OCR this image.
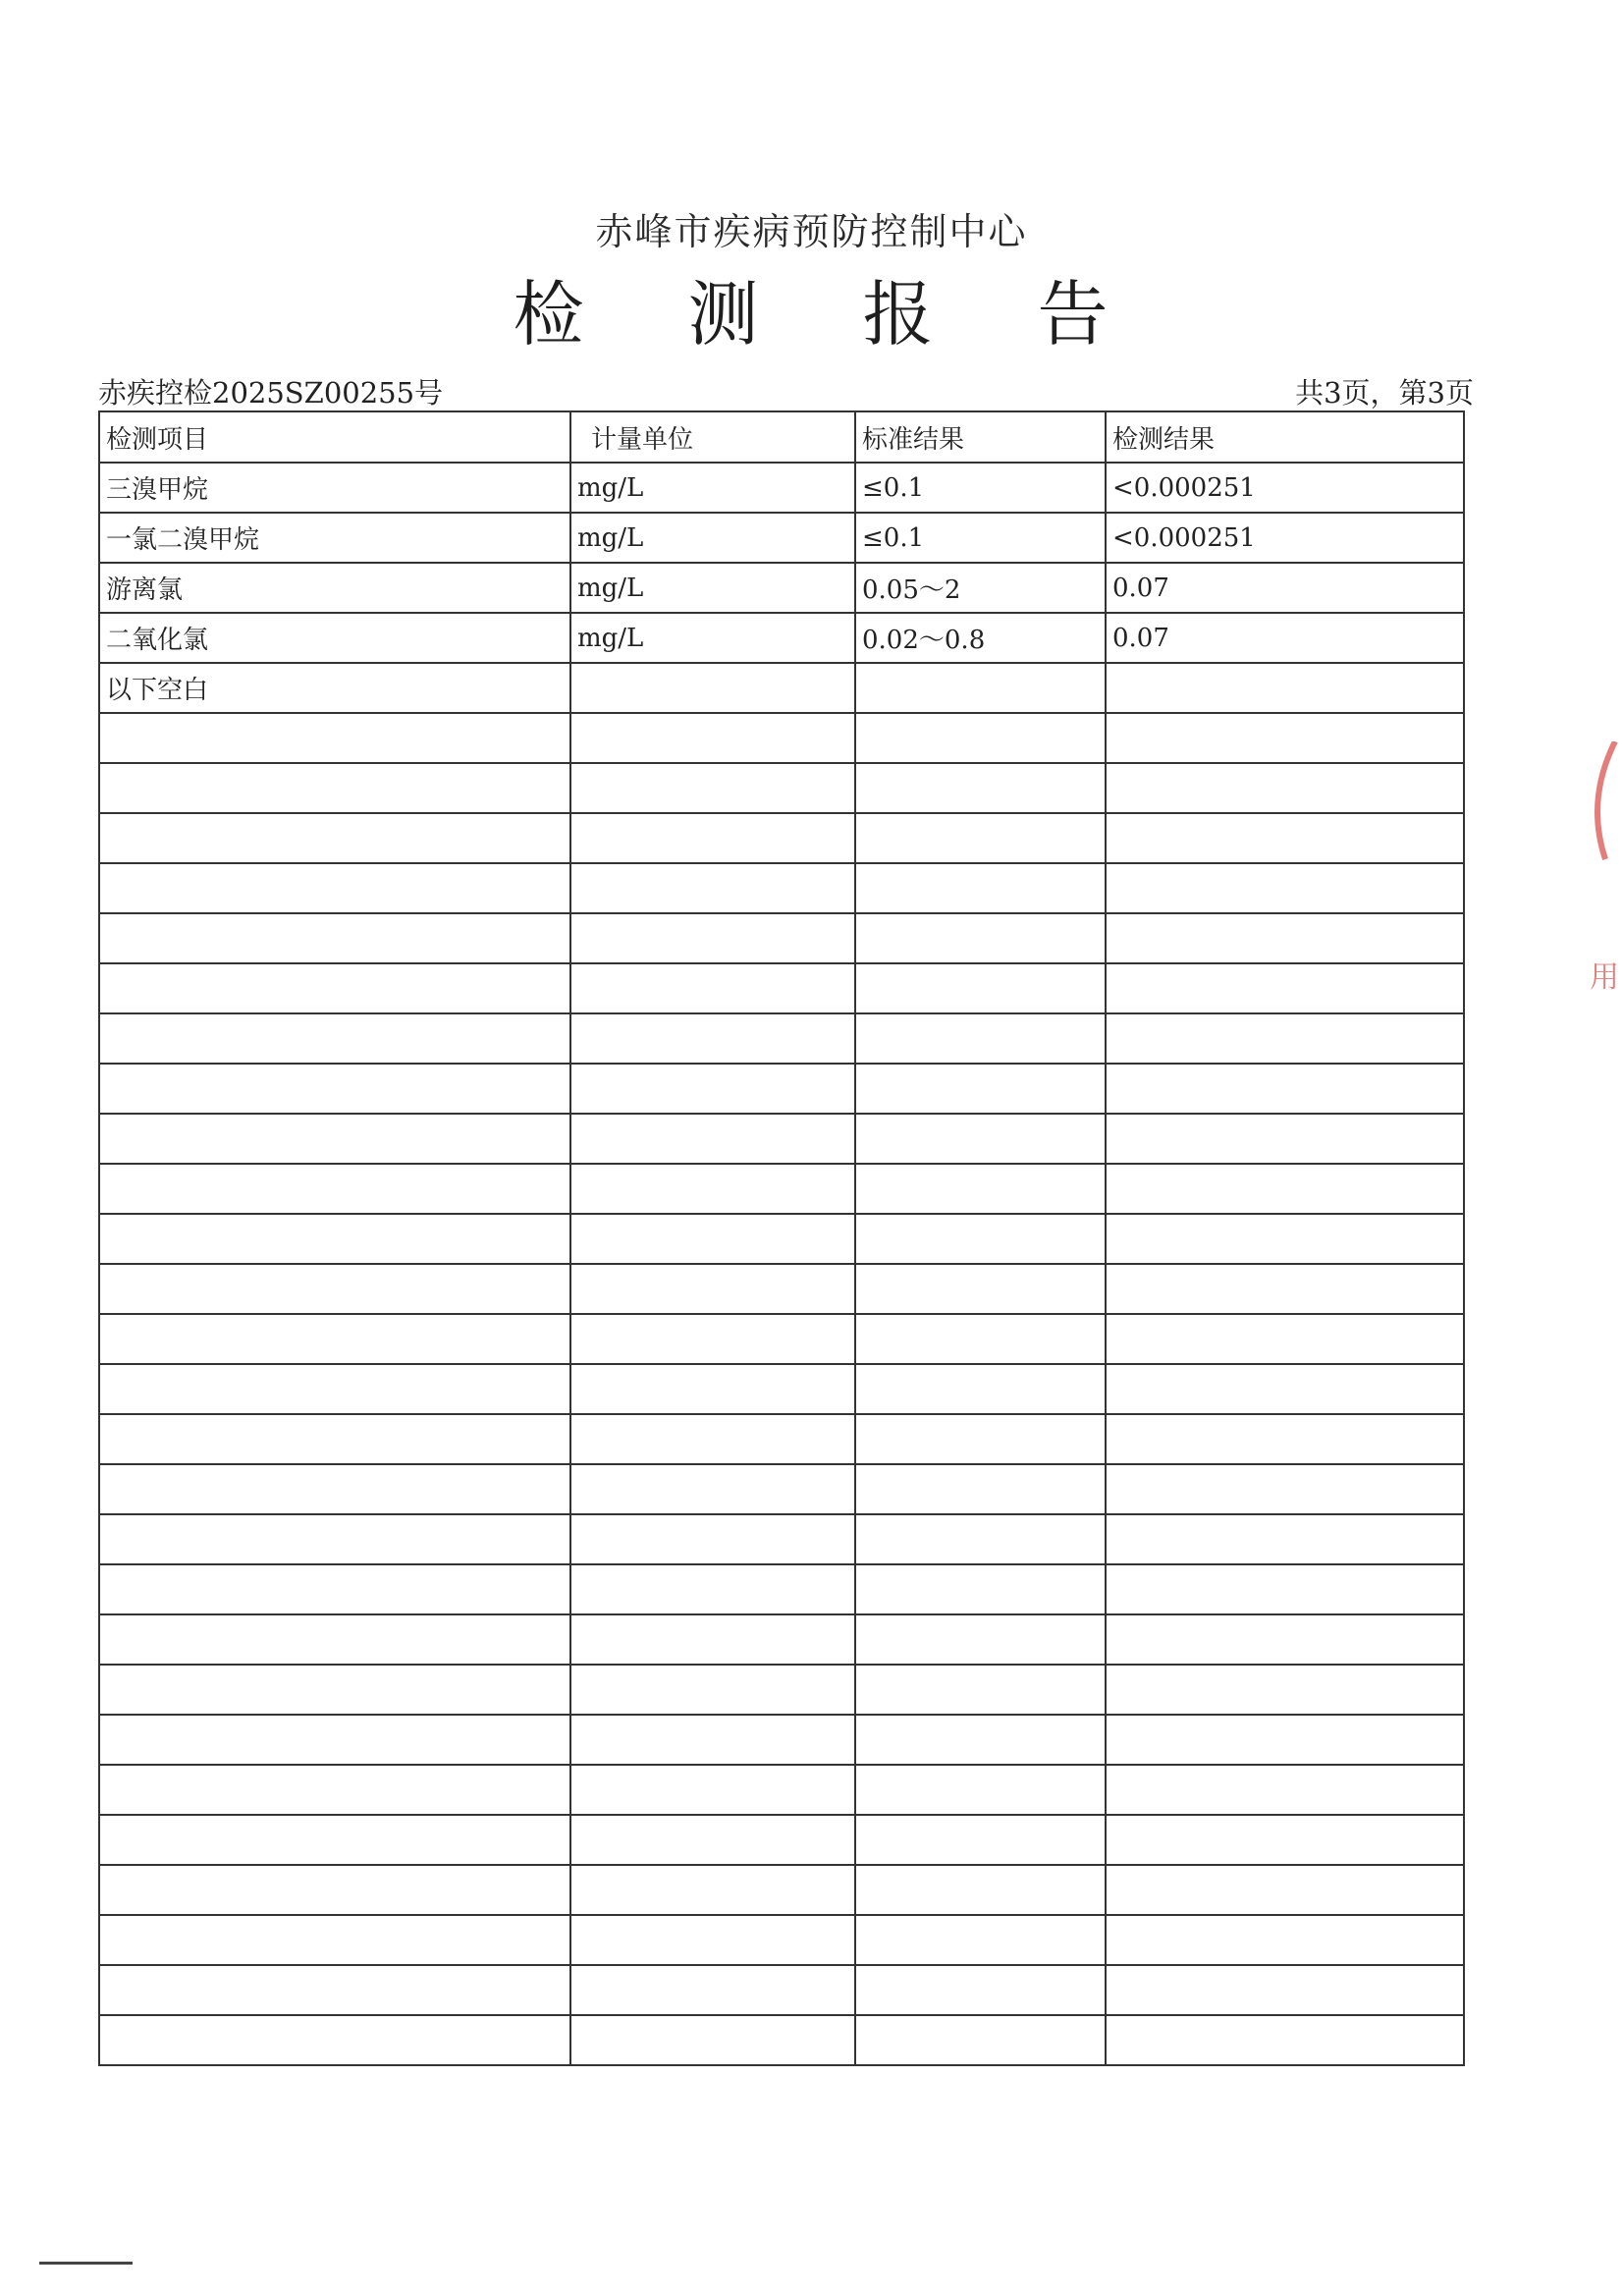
赤峰市疾病预防控制中心
检 测 报 告
赤疾控检2025SZ00255号	共3页，第3页
检测项目	计量单位	标准结果	检测结果
三溴甲烷	mg/L	≤0.1	<0.000251
一氯二溴甲烷	mg/L	≤0.1	<0.000251
游离氯	mg/L	0.05～2	0.07
二氧化氯	mg/L	0.02～0.8	0.07
以下空白			

用
